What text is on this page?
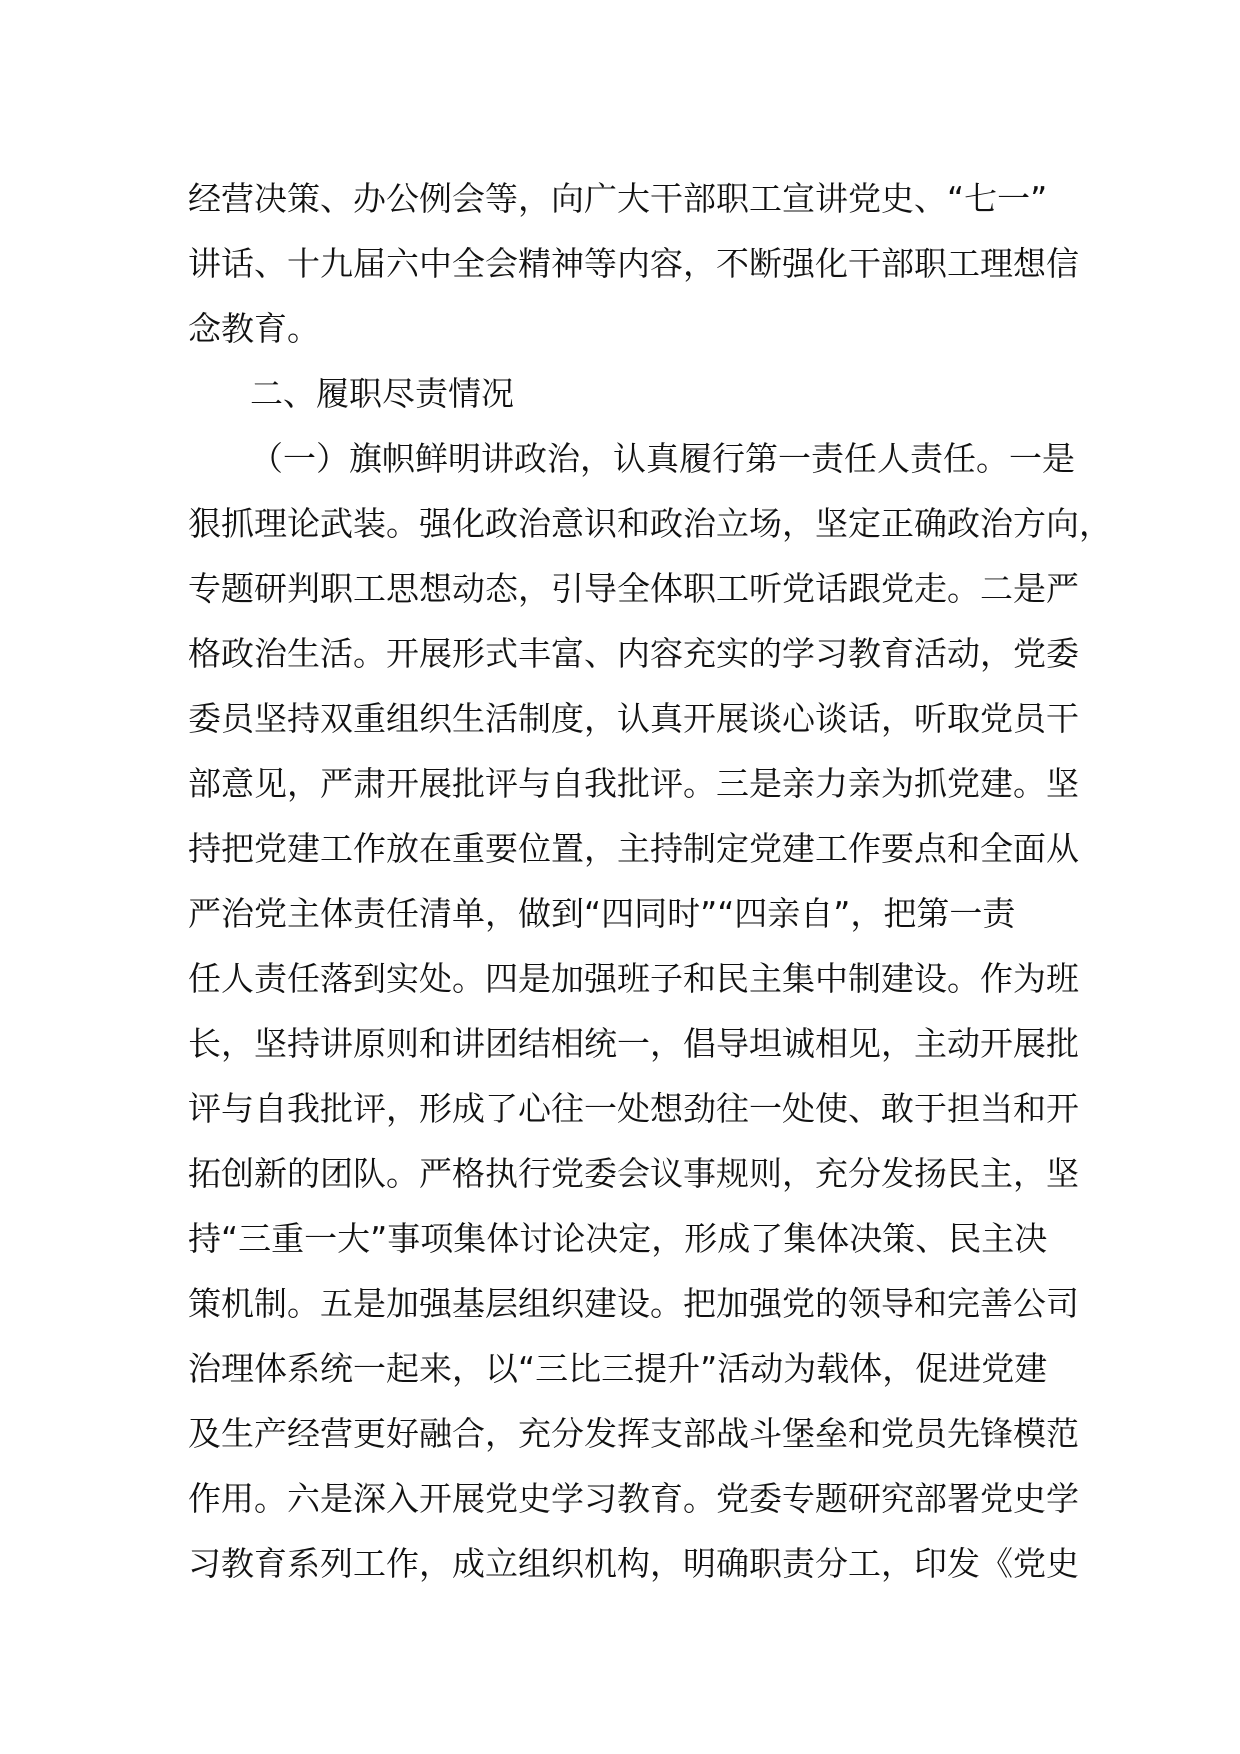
经营决策、办公例会等，向广大干部职工宣讲党史、“七一”
讲话、十九届六中全会精神等内容，不断强化干部职工理想信
念教育。
二、履职尽责情况
（一）旗帜鲜明讲政治，认真履行第一责任人责任。一是
狠抓理论武装。强化政治意识和政治立场，坚定正确政治方向，
专题研判职工思想动态，引导全体职工听党话跟党走。二是严
格政治生活。开展形式丰富、内容充实的学习教育活动，党委
委员坚持双重组织生活制度，认真开展谈心谈话，听取党员干
部意见，严肃开展批评与自我批评。三是亲力亲为抓党建。坚
持把党建工作放在重要位置，主持制定党建工作要点和全面从
严治党主体责任清单，做到“四同时”“四亲自”，把第一责
任人责任落到实处。四是加强班子和民主集中制建设。作为班
长，坚持讲原则和讲团结相统一，倡导坦诚相见，主动开展批
评与自我批评，形成了心往一处想劲往一处使、敢于担当和开
拓创新的团队。严格执行党委会议事规则，充分发扬民主，坚
持“三重一大”事项集体讨论决定，形成了集体决策、民主决
策机制。五是加强基层组织建设。把加强党的领导和完善公司
治理体系统一起来，以“三比三提升”活动为载体，促进党建
及生产经营更好融合，充分发挥支部战斗堡垒和党员先锋模范
作用。六是深入开展党史学习教育。党委专题研究部署党史学
习教育系列工作，成立组织机构，明确职责分工，印发《党史
